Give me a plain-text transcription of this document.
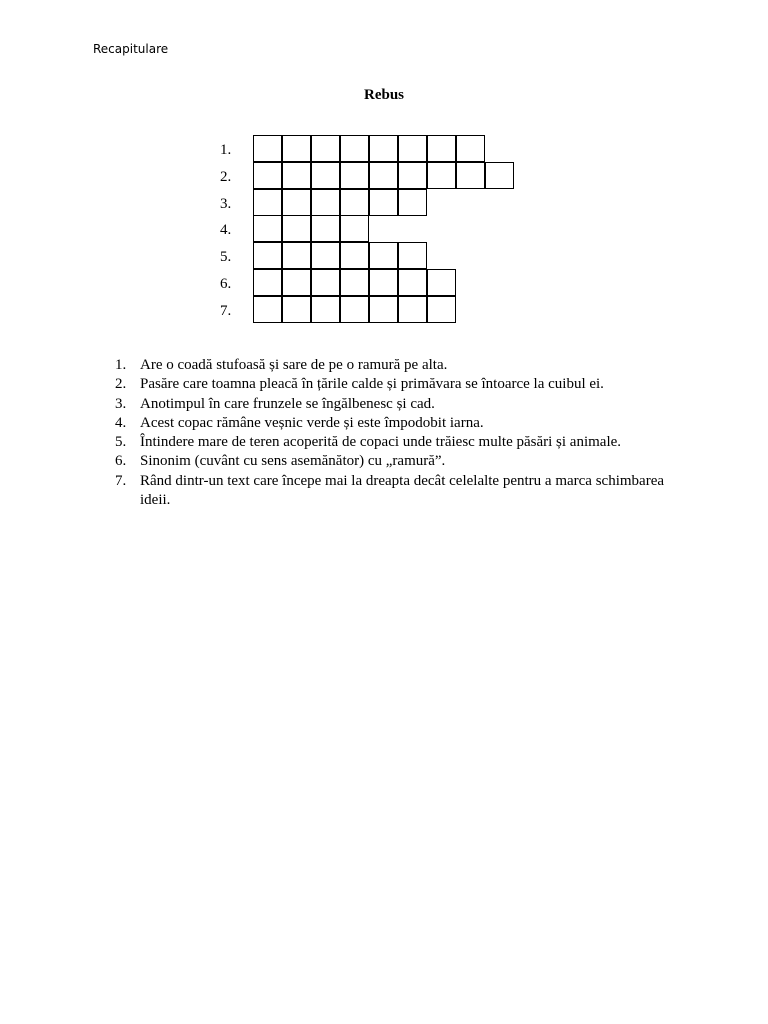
Recapitulare
Rebus
1.
2.
3.
4.
5.
6.
7.
1. Are o coadă stufoasă și sare de pe o ramură pe alta.
2. Pasăre care toamna pleacă în țările calde și primăvara se întoarce la cuibul ei.
3. Anotimpul în care frunzele se îngălbenesc și cad.
4. Acest copac rămâne veșnic verde și este împodobit iarna.
5. Întindere mare de teren acoperită de copaci unde trăiesc multe păsări și animale.
6. Sinonim (cuvânt cu sens asemănător) cu „ramură”.
7. Rând dintr-un text care începe mai la dreapta decât celelalte pentru a marca schimbarea ideii.
